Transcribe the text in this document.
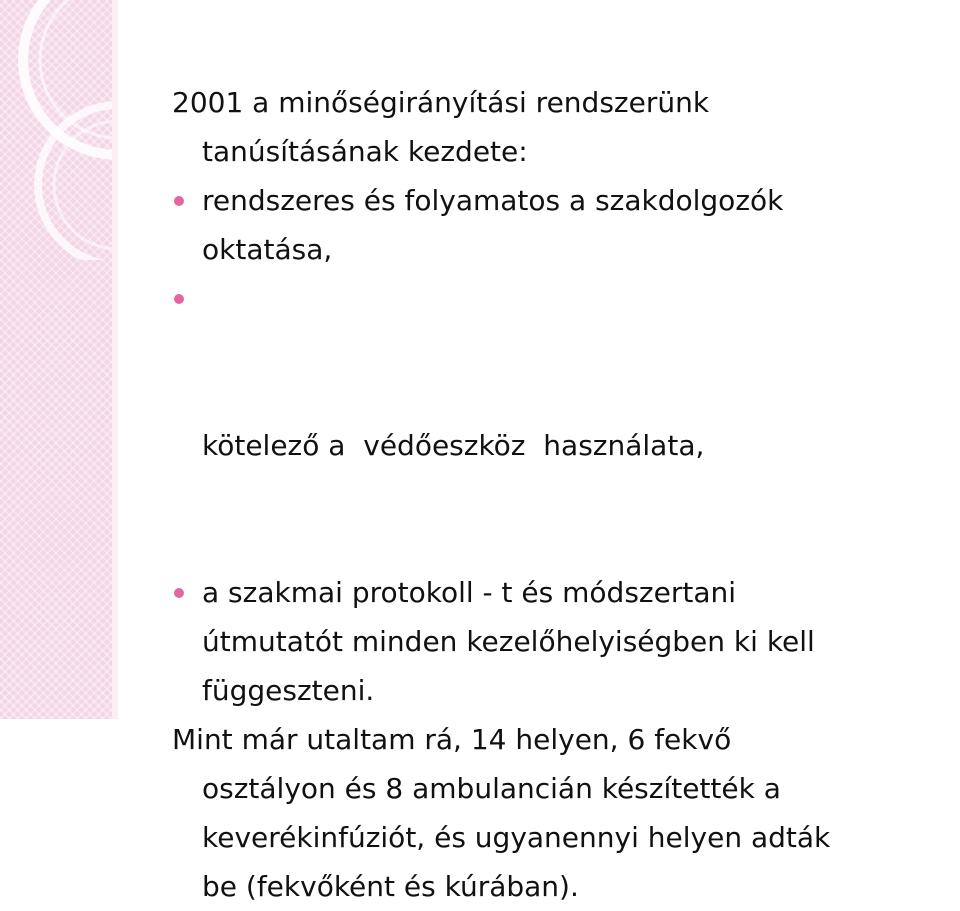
2001 a minőségirányítási rendszerünk
tanúsításának kezdete:

rendszeres és folyamatos a szakdolgozók
oktatása,

kötelező a  védőeszköz  használata,

a szakmai protokoll - t és módszertani
útmutatót minden kezelőhelyiségben ki kell
függeszteni.

Mint már utaltam rá, 14 helyen, 6 fekvő
osztályon és 8 ambulancián készítették a
keverékinfúziót, és ugyanennyi helyen adták
be (fekvőként és kúrában).
